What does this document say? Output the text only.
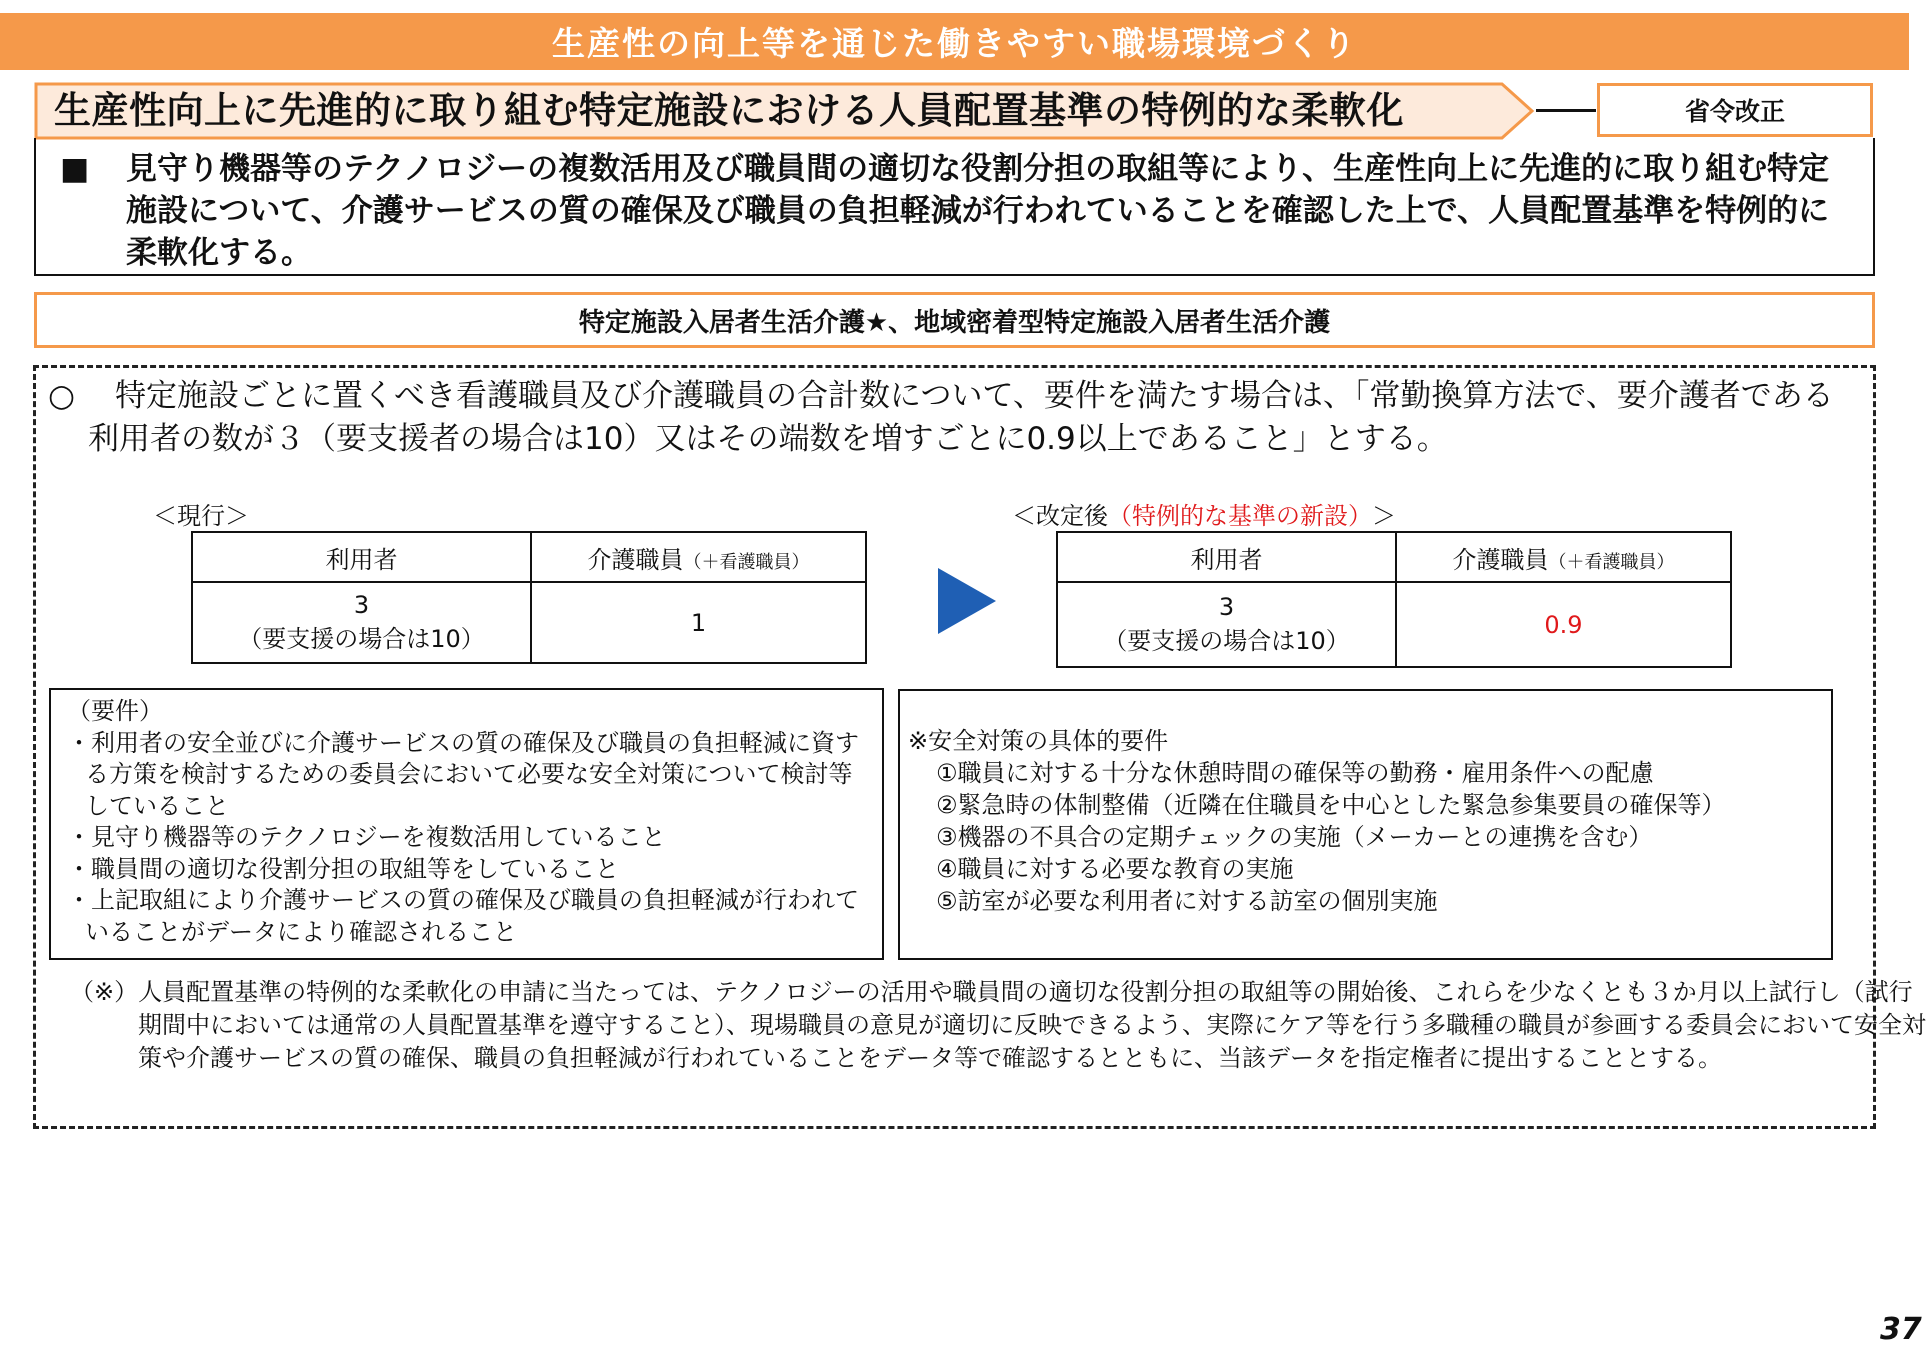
生産性の向上等を通じた働きやすい職場環境づくり
生産性向上に先進的に取り組む特定施設における人員配置基準の特例的な柔軟化	省令改正
■ 見守り機器等のテクノロジーの複数活用及び職員間の適切な役割分担の取組等により、生産性向上に先進的に取り組む特定施設について、介護サービスの質の確保及び職員の負担軽減が行われていることを確認した上で、人員配置基準を特例的に柔軟化する。
特定施設入居者生活介護★、地域密着型特定施設入居者生活介護
○ 特定施設ごとに置くべき看護職員及び介護職員の合計数について、要件を満たす場合は、「常勤換算方法で、要介護者である利用者の数が３（要支援者の場合は10）又はその端数を増すごとに0.9以上であること」とする。
＜現行＞
利用者	介護職員（＋看護職員）

3
（要支援の場合は10）	1
＜改定後（特例的な基準の新設）＞
利用者	介護職員（＋看護職員）

3
（要支援の場合は10）	0.9
（要件）
・利用者の安全並びに介護サービスの質の確保及び職員の負担軽減に資する方策を検討するための委員会において必要な安全対策について検討等していること
・見守り機器等のテクノロジーを複数活用していること
・職員間の適切な役割分担の取組等をしていること
・上記取組により介護サービスの質の確保及び職員の負担軽減が行われていることがデータにより確認されること
※安全対策の具体的要件
①職員に対する十分な休憩時間の確保等の勤務・雇用条件への配慮
②緊急時の体制整備（近隣在住職員を中心とした緊急参集要員の確保等）
③機器の不具合の定期チェックの実施（メーカーとの連携を含む）
④職員に対する必要な教育の実施
⑤訪室が必要な利用者に対する訪室の個別実施
（※）人員配置基準の特例的な柔軟化の申請に当たっては、テクノロジーの活用や職員間の適切な役割分担の取組等の開始後、これらを少なくとも３か月以上試行し（試行期間中においては通常の人員配置基準を遵守すること）、現場職員の意見が適切に反映できるよう、実際にケア等を行う多職種の職員が参画する委員会において安全対策や介護サービスの質の確保、職員の負担軽減が行われていることをデータ等で確認するとともに、当該データを指定権者に提出することとする。
37
